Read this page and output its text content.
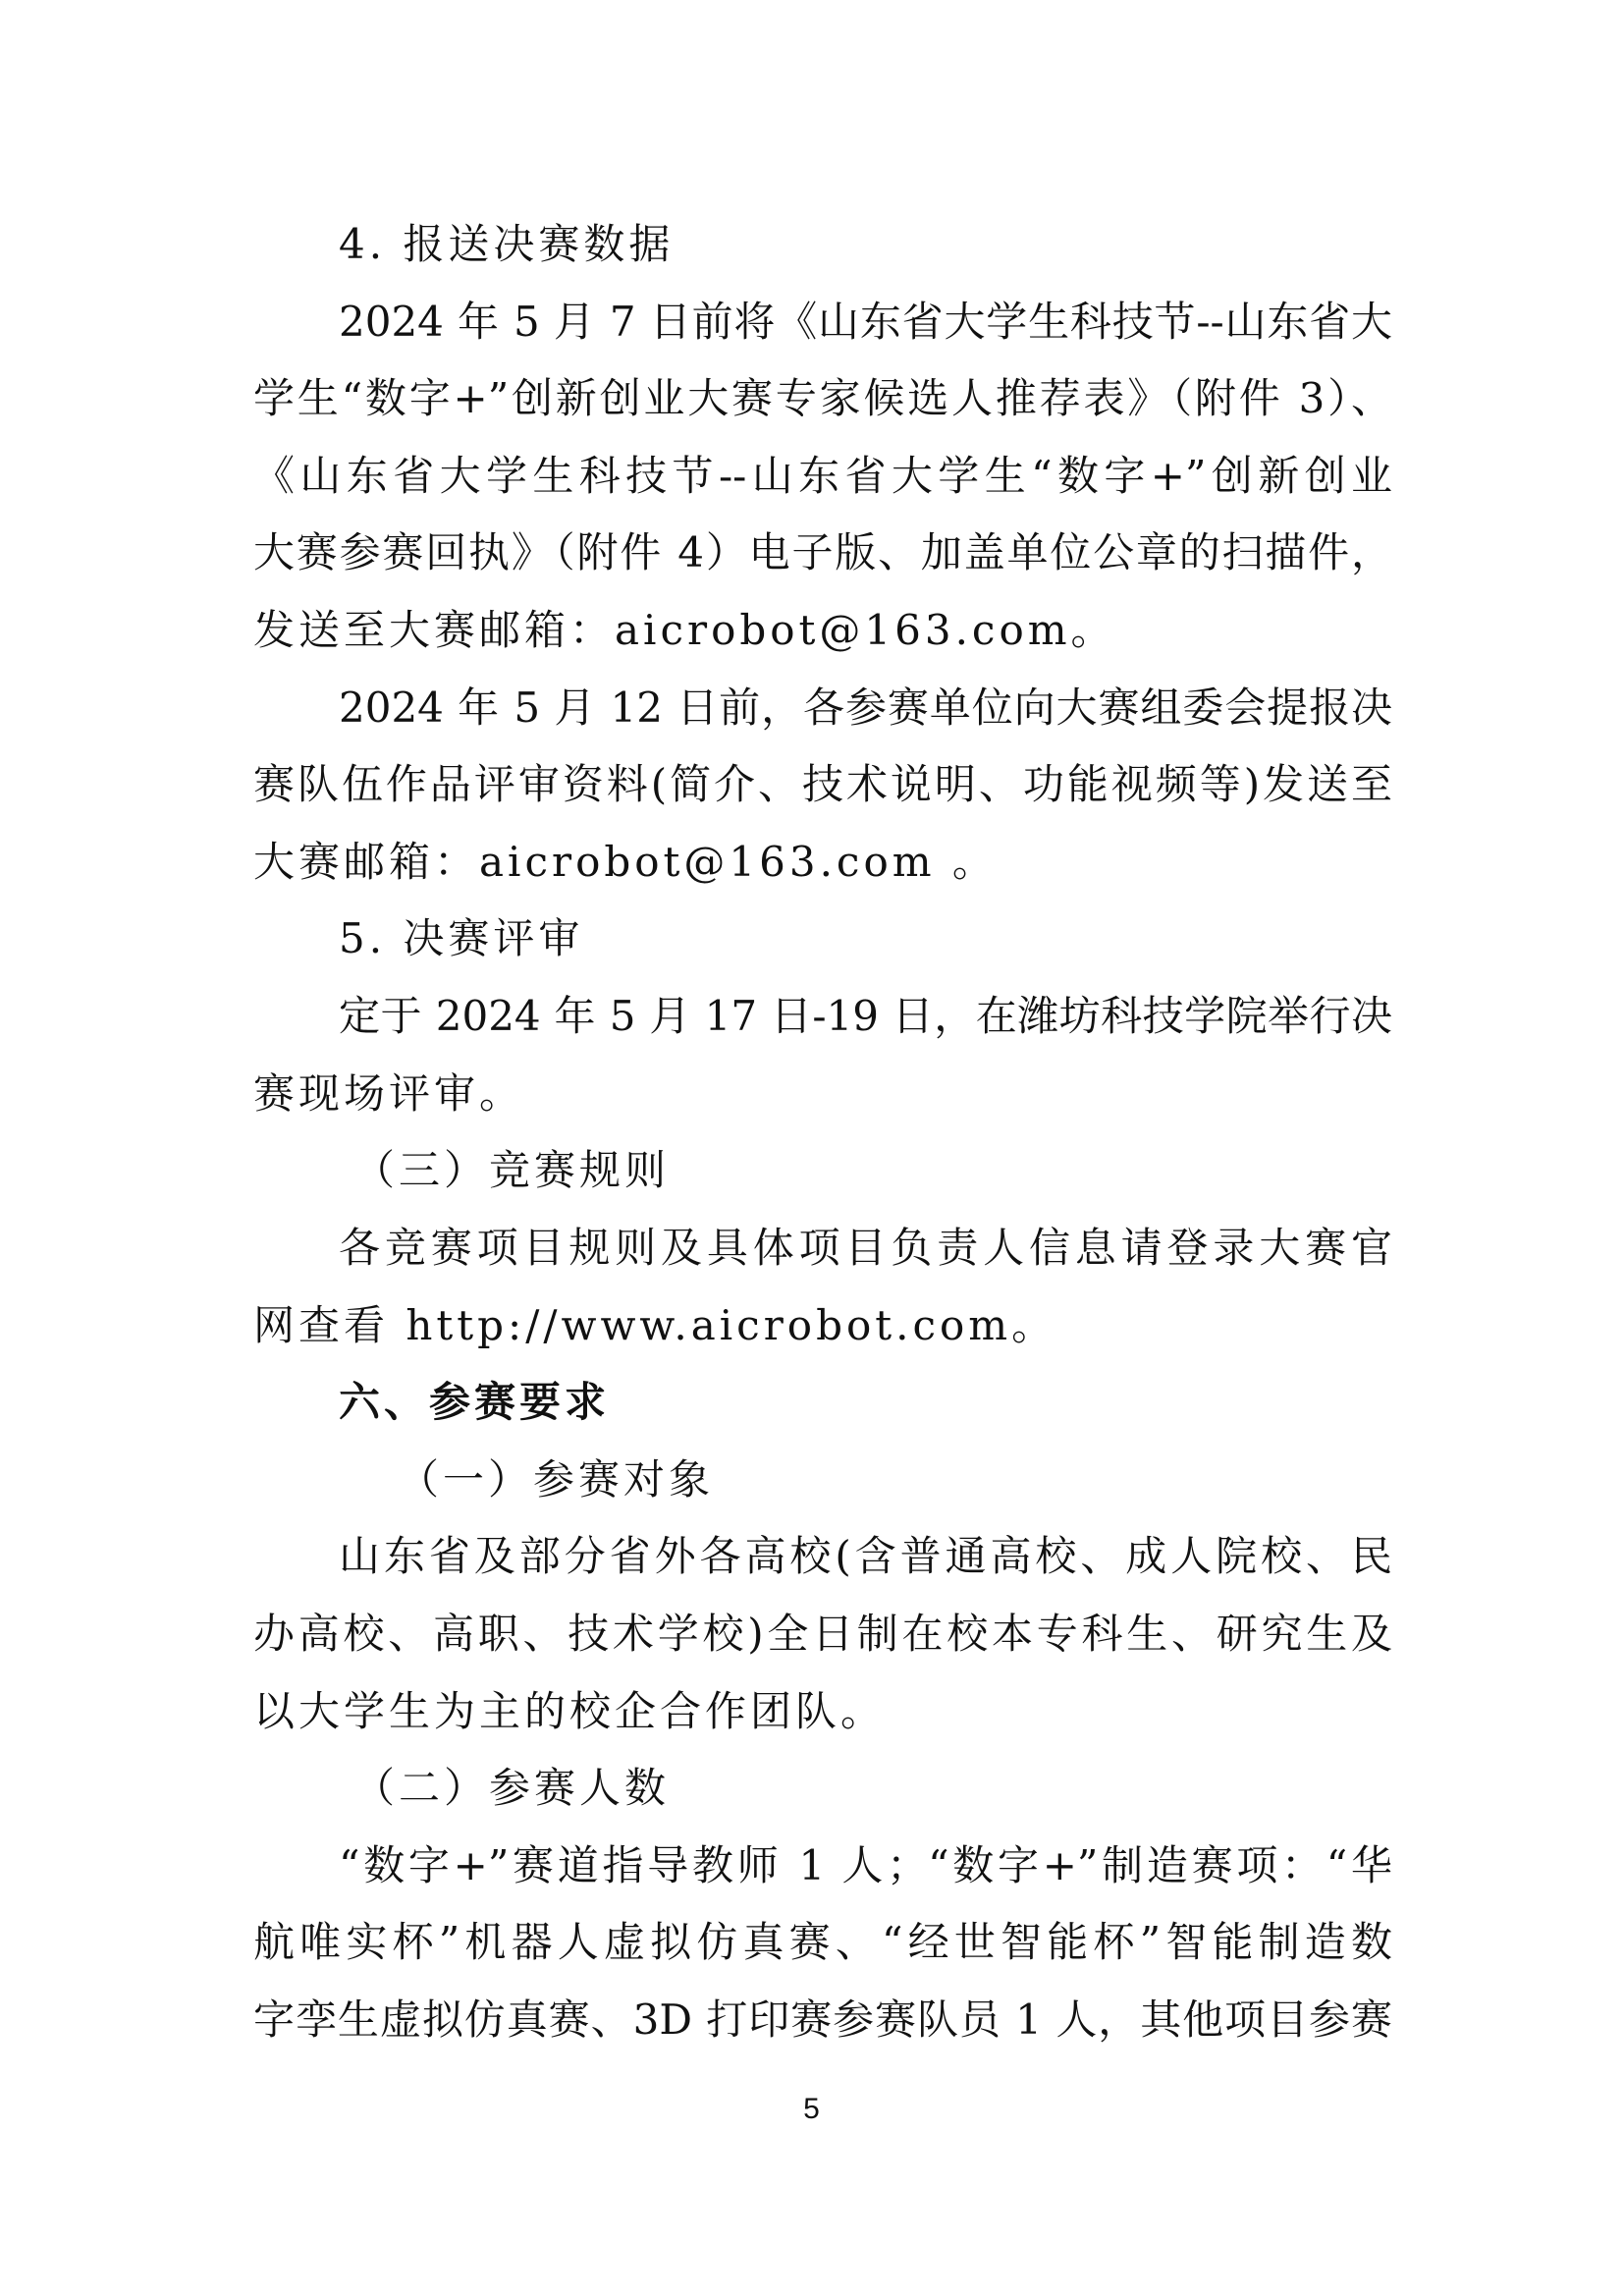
4. 报送决赛数据
2024 年 5 月 7 日前将《山东省大学生科技节--山东省大
学生“数字+”创新创业大赛专家候选人推荐表》（附件 3）、
《山东省大学生科技节--山东省大学生“数字+”创新创业
大赛参赛回执》（附件 4）电子版、加盖单位公章的扫描件，
发送至大赛邮箱：aicrobot@163.com。
2024 年 5 月 12 日前，各参赛单位向大赛组委会提报决
赛队伍作品评审资料(简介、技术说明、功能视频等)发送至
大赛邮箱：aicrobot@163.com 。
5. 决赛评审
定于 2024 年 5 月 17 日-19 日，在潍坊科技学院举行决
赛现场评审。
（三）竞赛规则
各竞赛项目规则及具体项目负责人信息请登录大赛官
网查看 http://www.aicrobot.com。
六、参赛要求
（一）参赛对象
山东省及部分省外各高校(含普通高校、成人院校、民
办高校、高职、技术学校)全日制在校本专科生、研究生及
以大学生为主的校企合作团队。
（二）参赛人数
“数字+”赛道指导教师 1 人；“数字+”制造赛项：“华
航唯实杯”机器人虚拟仿真赛、“经世智能杯”智能制造数
字孪生虚拟仿真赛、3D 打印赛参赛队员 1 人，其他项目参赛
5
